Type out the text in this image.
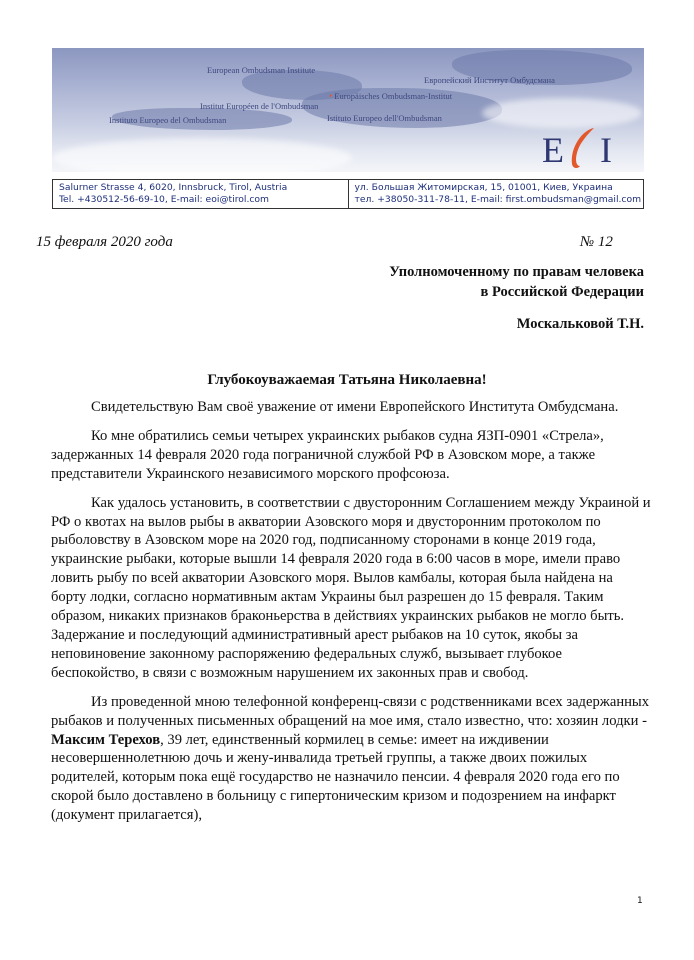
European Ombudsman Institute
Европейский Институт Омбудсмана
• Europäisches Ombudsman-Institut
Institut Européen de l'Ombudsman
Instituto Europeo del Ombudsman	Istituto Europeo dell'Ombudsman
E I
Salurner Strasse 4, 6020, Innsbruck, Tirol, Austria
Tel. +430512-56-69-10, E-mail: eoi@tirol.com
ул. Большая Житомирская, 15, 01001, Киев, Украина
тел. +38050-311-78-11, E-mail: first.ombudsman@gmail.com
15 февраля 2020 года	№ 12
Уполномоченному по правам человека
в Российской Федерации
Москальковой Т.Н.
Глубокоуважаемая Татьяна Николаевна!

Свидетельствую Вам своё уважение от имени Европейского Института Омбудсмана.

Ко мне обратились семьи четырех украинских рыбаков судна ЯЗП-0901 «Стрела», задержанных 14 февраля 2020 года пограничной службой РФ в Азовском море, а также представители Украинского независимого морского профсоюза.

Как удалось установить, в соответствии с двусторонним Соглашением между Украиной и РФ о квотах на вылов рыбы в акватории Азовского моря и двусторонним протоколом по рыболовству в Азовском море на 2020 год, подписанному сторонами в конце 2019 года, украинские рыбаки, которые вышли 14 февраля 2020 года в 6:00 часов в море, имели право ловить рыбу по всей акватории Азовского моря. Вылов камбалы, которая была найдена на борту лодки, согласно нормативным актам Украины был разрешен до 15 февраля. Таким образом, никаких признаков браконьерства в действиях украинских рыбаков не могло быть. Задержание и последующий административный арест рыбаков на 10 суток, якобы за неповиновение законному распоряжению федеральных служб, вызывает глубокое беспокойство, в связи с возможным нарушением их законных прав и свобод.

Из проведенной мною телефонной конференц-связи с родственниками всех задержанных рыбаков и полученных письменных обращений на мое имя, стало известно, что: хозяин лодки - Максим Терехов, 39 лет, единственный кормилец в семье: имеет на иждивении несовершеннолетнюю дочь и жену-инвалида третьей группы, а также двоих пожилых родителей, которым пока ещё государство не назначило пенсии. 4 февраля 2020 года его по скорой было доставлено в больницу с гипертоническим кризом и подозрением на инфаркт (документ прилагается),

1
